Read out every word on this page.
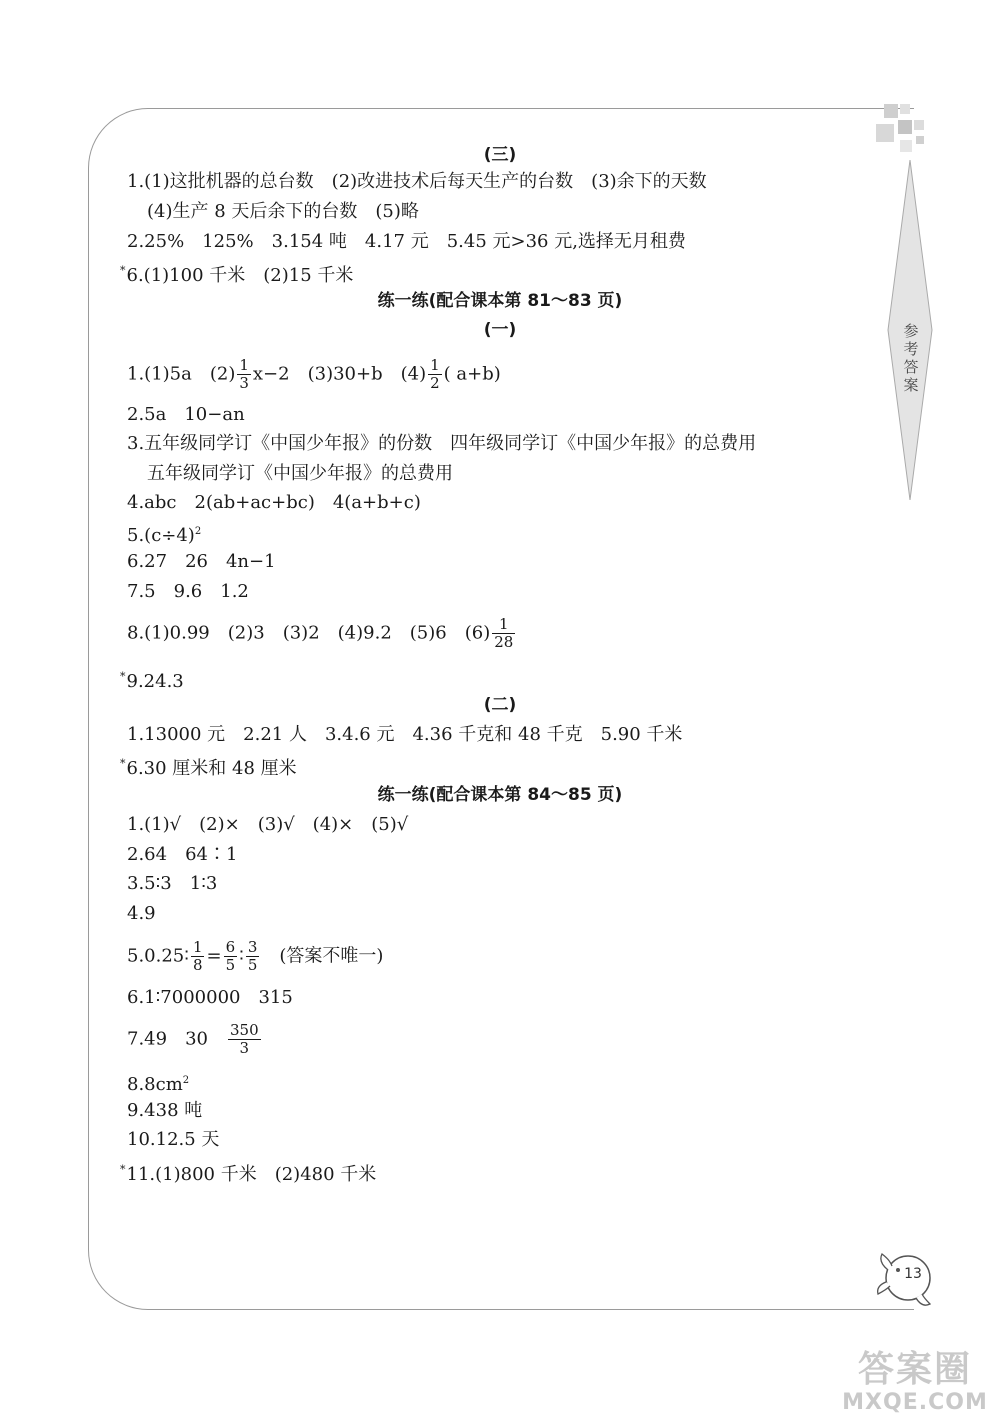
参考答案
(三)
1.(1)这批机器的总台数　(2)改进技术后每天生产的台数　(3)余下的天数
(4)生产 8 天后余下的台数　(5)略
2.25%　125%　3.154 吨　4.17 元　5.45 元>36 元,选择无月租费
*6.(1)100 千米　(2)15 千米
练一练(配合课本第 81～83 页)
(一)
1.(1)5a　$(2) \frac{1}{3} x-2$　(3)30+b　$(4) \frac{1}{2}$ ( a+b)
2.5a　10−an
3.五年级同学订《中国少年报》的份数　四年级同学订《中国少年报》的总费用
五年级同学订《中国少年报》的总费用
4.abc　2(ab+ac+bc)　4(a+b+c)
$5.(c\div 4)^2$
6.27　26　4n−1
7.5　9.6　1.2
8.(1)0.99　(2)3　(3)2　(4)9.2　(5)6　$(6) \frac{1}{28}$
*9.24.3
(二)
1.13000 元　2.21 人　3.4.6 元　4.36 千克和 48 千克　5.90 千米
*6.30 厘米和 48 厘米
练一练(配合课本第 84～85 页)
1.(1)√　(2)×　(3)√　(4)×　(5)√
2.64　64∶1
3.5∶3　1∶3
4.9
5.0.25∶ $\frac{1}{8} = \frac{6}{5}$ ∶ $\frac{3}{5}$ 　(答案不唯一)
6.1∶7000000　315
7.49　30　 $\frac{350}{3}$
$8.8cm^2$
9.438 吨
10.12.5 天
*11.(1)800 千米　(2)480 千米
13
答案圈
MXQE.COM
